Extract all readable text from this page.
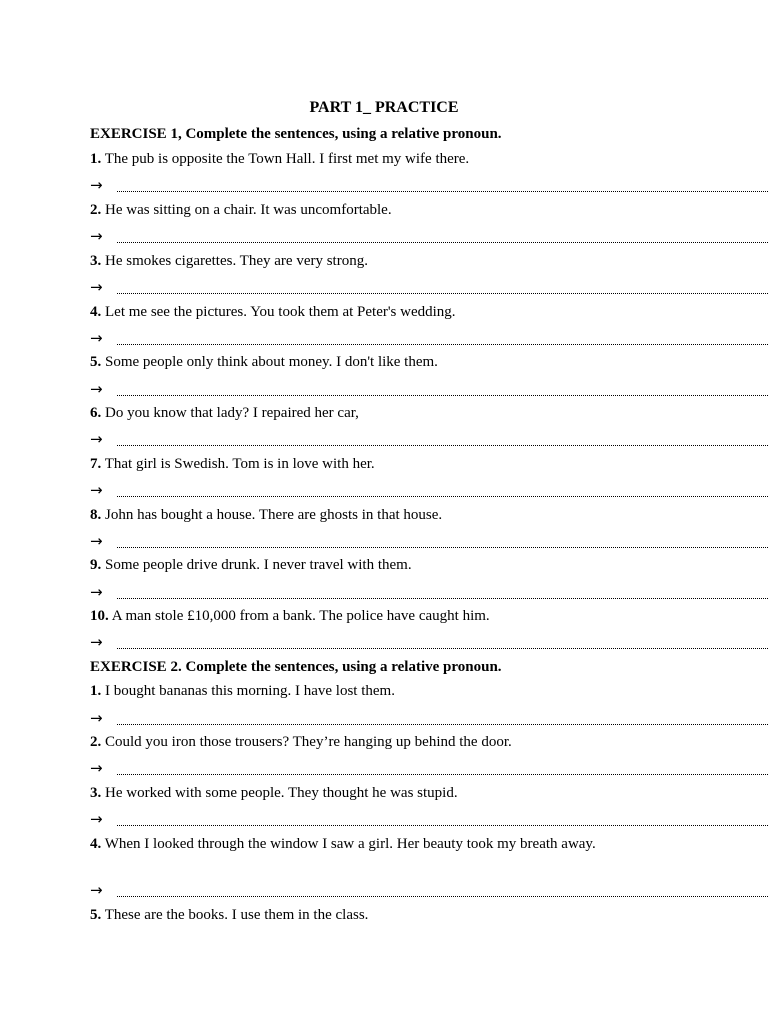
PART 1_ PRACTICE
EXERCISE 1, Complete the sentences, using a relative pronoun.
1. The pub is opposite the Town Hall. I first met my wife there.
→
2. He was sitting on a chair. It was uncomfortable.
→
3. He smokes cigarettes. They are very strong.
→
4. Let me see the pictures. You took them at Peter's wedding.
→
5. Some people only think about money. I don't like them.
→
6. Do you know that lady? I repaired her car,
→
7. That girl is Swedish. Tom is in love with her.
→
8. John has bought a house. There are ghosts in that house.
→
9. Some people drive drunk. I never travel with them.
→
10. A man stole £10,000 from a bank. The police have caught him.
→
EXERCISE 2. Complete the sentences, using a relative pronoun.
1. I bought bananas this morning. I have lost them.
→
2. Could you iron those trousers? They’re hanging up behind the door.
→
3. He worked with some people. They thought he was stupid.
→
4. When I looked through the window I saw a girl. Her beauty took my breath away.
→
5. These are the books. I use them in the class.
